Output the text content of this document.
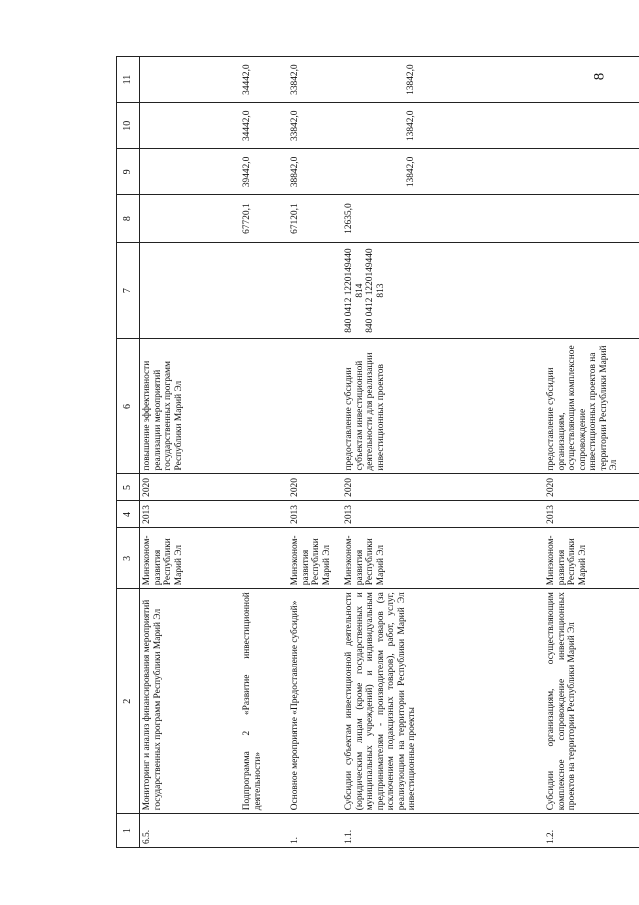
8
1	2	3	4	5	6	7	8	9	10	11
6.5.	Мониторинг и анализ финансирования мероприятий государственных программ Республики Марий Эл	Минэконом-развития Республики Марий Эл	2013	2020	повышение эффективности реализации мероприятий государственных программ Республики Марий Эл					
	Подпрограмма 2 «Развитие инвестиционной деятельности»						67720,1	39442,0	34442,0	34442,0
1.	Основное мероприятие «Предоставление субсидий»	Минэконом-развития Республики Марий Эл	2013	2020			67120,1	38842,0	33842,0	33842,0
1.1.	Субсидии субъектам инвестиционной деятельности (юридическим лицам (кроме государственных и муниципальных учреждений) и индивидуальным предпринимателям - производителям товаров (за исключением подакцизных товаров), работ, услуг, реализующим на территории Республики Марий Эл инвестиционные проекты	Минэконом-развития Республики Марий Эл	2013	2020	предоставление субсидии субъектам инвестиционной деятельности для реализации инвестиционных проектов	840 0412 1220149440 814 840 0412 1220149440 813	12635,0	13842,0	13842,0	13842,0
1.2.	Субсидии организациям, осуществляющим комплексное сопровождение инвестиционных проектов на территории Республики Марий Эл	Минэконом-развития Республики Марий Эл	2013	2020	предоставление субсидии организациям, осуществляющим комплексное сопровождение инвестиционных проектов на территории Республики Марий Эл					
